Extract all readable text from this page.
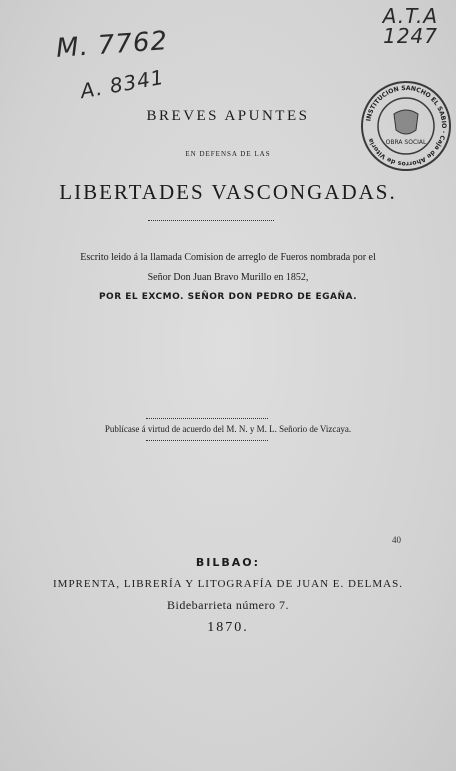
M. 7762
A. 8341
A.T.A
1247
OBRA SOCIAL
INSTITUCION SANCHO EL SABIO · Caja de Ahorros de Vitoria
BREVES APUNTES
EN DEFENSA DE LAS
LIBERTADES VASCONGADAS.
Escrito leido á la llamada Comision de arreglo de Fueros nombrada por el
Señor Don Juan Bravo Murillo en 1852,
POR EL EXCMO. SEÑOR DON PEDRO DE EGAÑA.
Publícase á virtud de acuerdo del M. N. y M. L. Señorio de Vizcaya.
40
BILBAO:
IMPRENTA, LIBRERÍA Y LITOGRAFÍA DE JUAN E. DELMAS.
Bidebarrieta número 7.
1870.
